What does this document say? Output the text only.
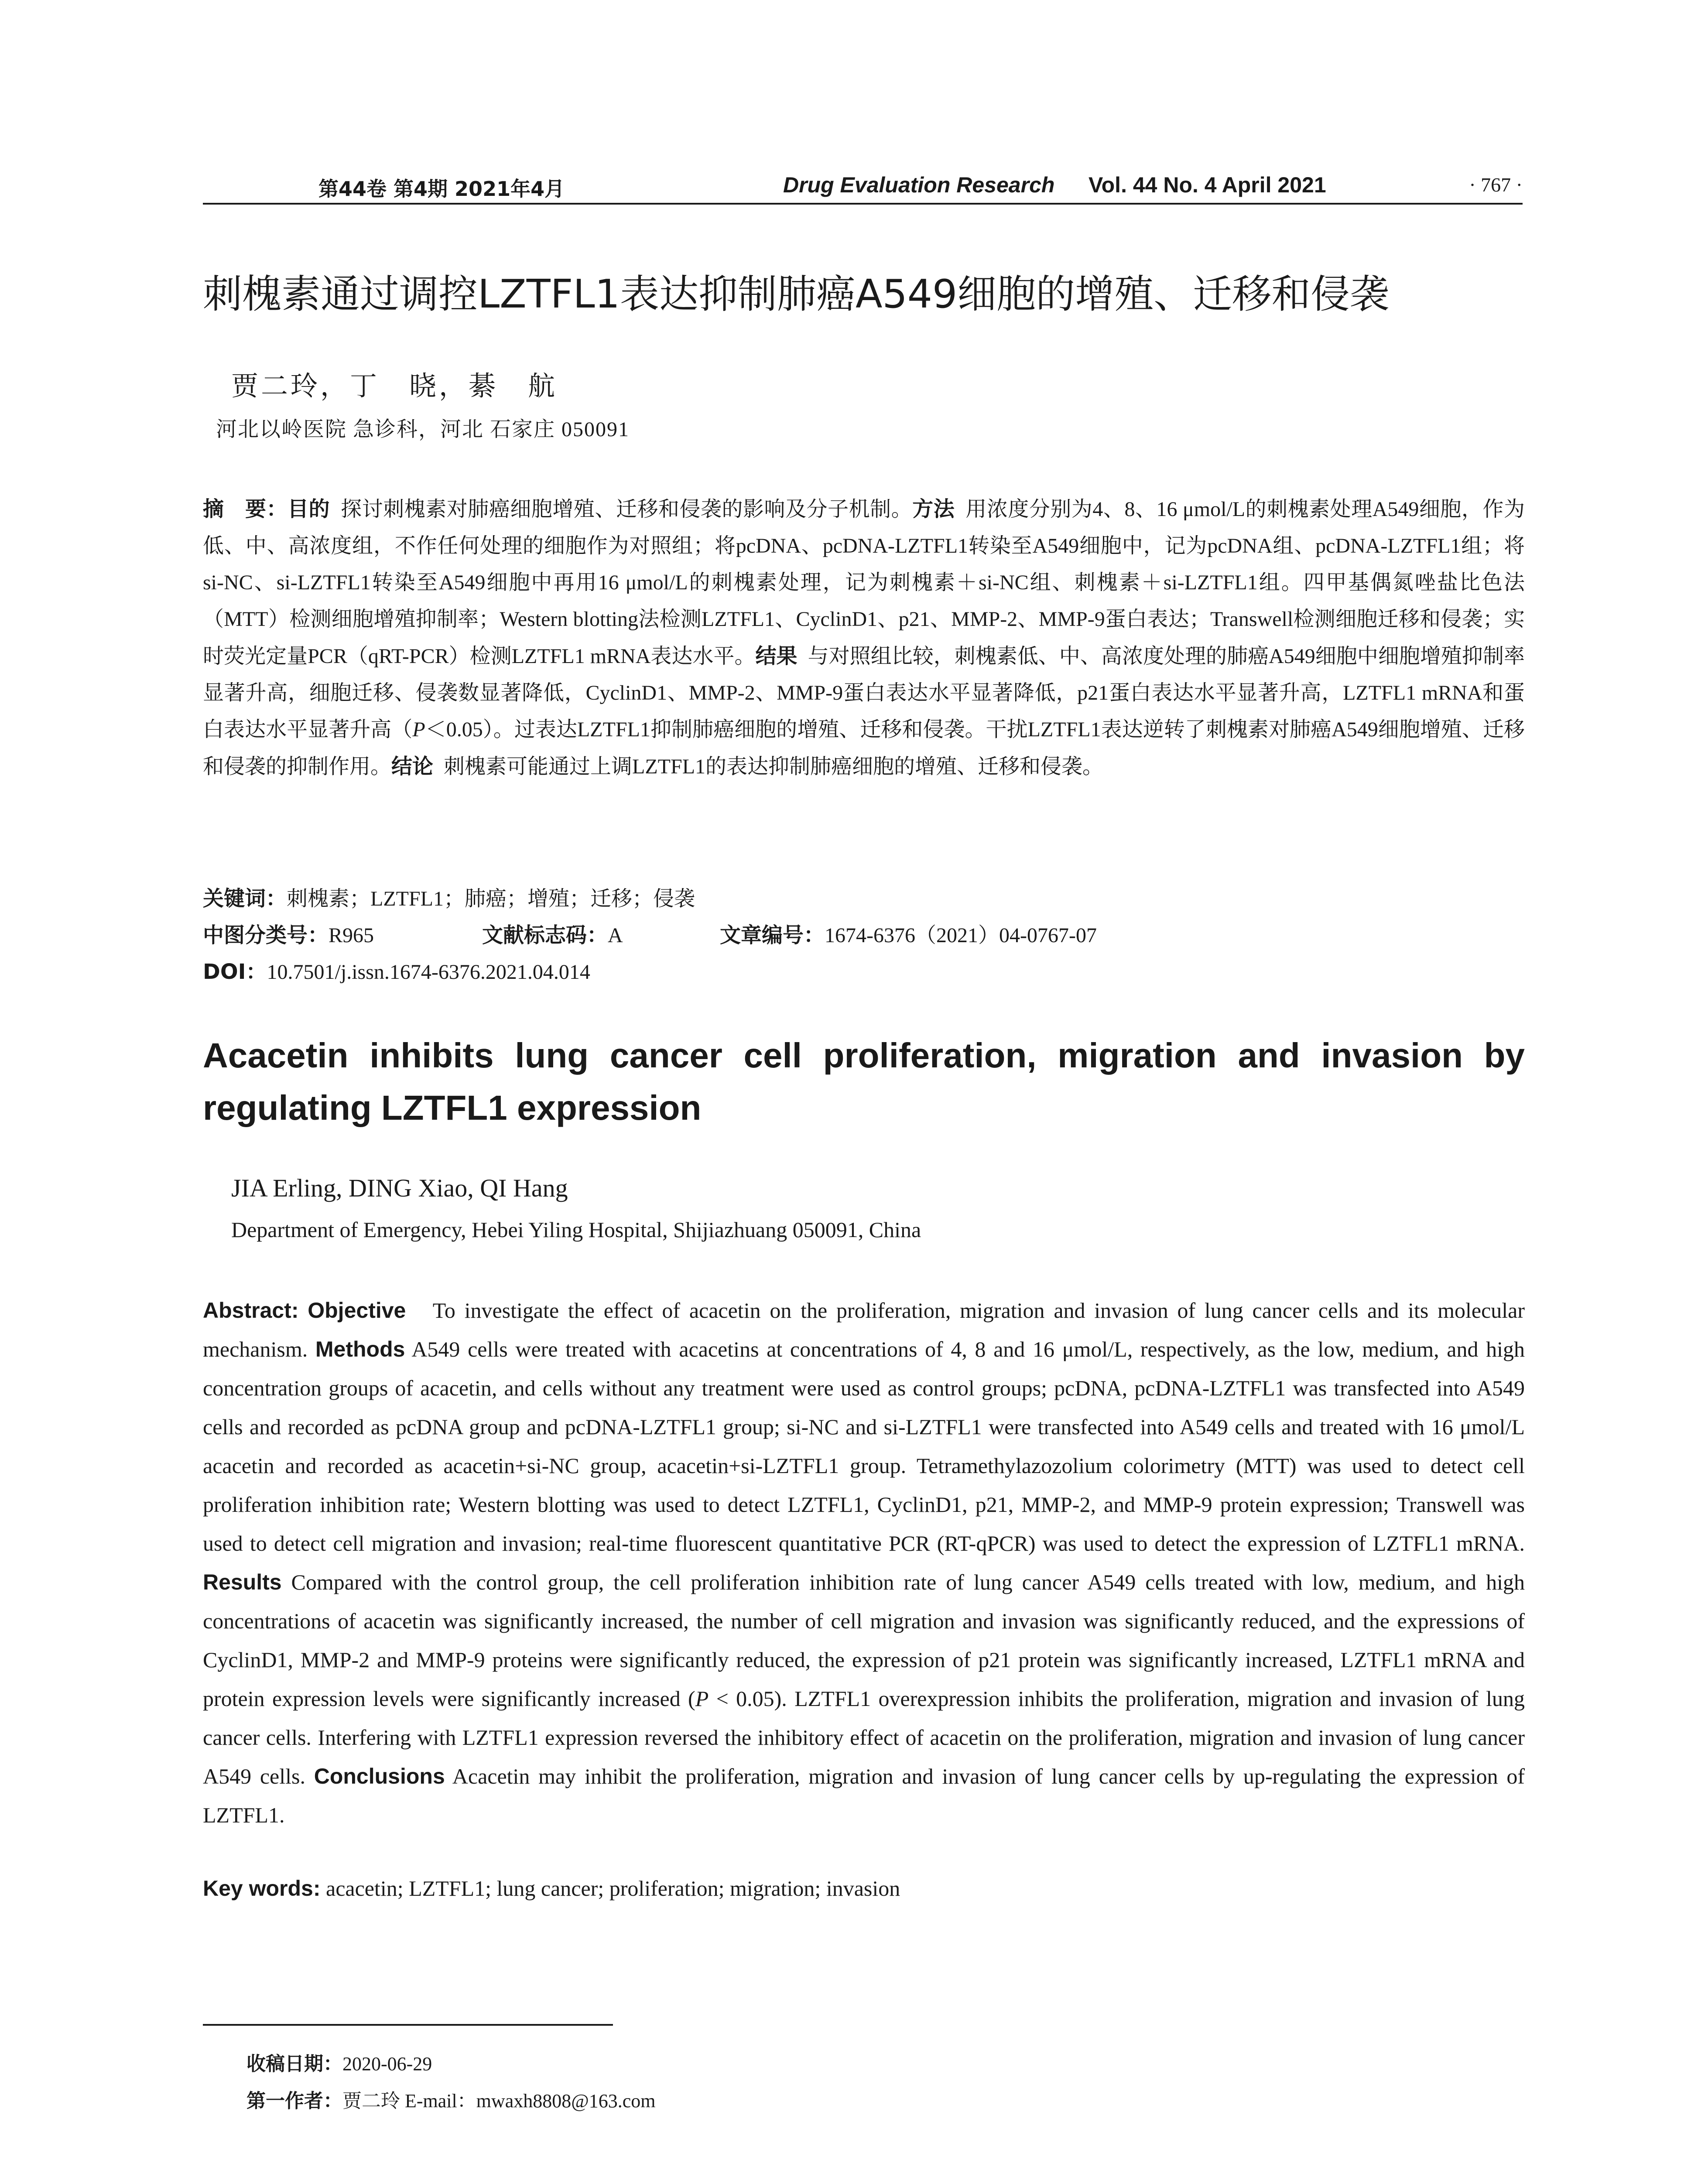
第44卷 第4期 2021年4月	Drug Evaluation Research Vol. 44 No. 4 April 2021	· 767 ·
刺槐素通过调控LZTFL1表达抑制肺癌A549细胞的增殖、迁移和侵袭
贾二玲，丁　晓，綦　航
河北以岭医院 急诊科，河北 石家庄 050091
摘　要：目的 探讨刺槐素对肺癌细胞增殖、迁移和侵袭的影响及分子机制。方法 用浓度分别为4、8、16 μmol/L的刺槐素处理A549细胞，作为低、中、高浓度组，不作任何处理的细胞作为对照组；将pcDNA、pcDNA-LZTFL1转染至A549细胞中，记为pcDNA组、pcDNA-LZTFL1组；将si-NC、si-LZTFL1转染至A549细胞中再用16 μmol/L的刺槐素处理，记为刺槐素＋si-NC组、刺槐素＋si-LZTFL1组。四甲基偶氮唑盐比色法（MTT）检测细胞增殖抑制率；Western blotting法检测LZTFL1、CyclinD1、p21、MMP-2、MMP-9蛋白表达；Transwell检测细胞迁移和侵袭；实时荧光定量PCR（qRT-PCR）检测LZTFL1 mRNA表达水平。结果 与对照组比较，刺槐素低、中、高浓度处理的肺癌A549细胞中细胞增殖抑制率显著升高，细胞迁移、侵袭数显著降低，CyclinD1、MMP-2、MMP-9蛋白表达水平显著降低，p21蛋白表达水平显著升高，LZTFL1 mRNA和蛋白表达水平显著升高（P＜0.05）。过表达LZTFL1抑制肺癌细胞的增殖、迁移和侵袭。干扰LZTFL1表达逆转了刺槐素对肺癌A549细胞增殖、迁移和侵袭的抑制作用。结论 刺槐素可能通过上调LZTFL1的表达抑制肺癌细胞的增殖、迁移和侵袭。
关键词：刺槐素；LZTFL1；肺癌；增殖；迁移；侵袭
中图分类号：R965	文献标志码：A	文章编号：1674-6376（2021）04-0767-07
DOI：10.7501/j.issn.1674-6376.2021.04.014
Acacetin inhibits lung cancer cell proliferation, migration and invasion by regulating LZTFL1 expression
JIA Erling, DING Xiao, QI Hang
Department of Emergency, Hebei Yiling Hospital, Shijiazhuang 050091, China
Abstract: Objective To investigate the effect of acacetin on the proliferation, migration and invasion of lung cancer cells and its molecular mechanism. Methods A549 cells were treated with acacetins at concentrations of 4, 8 and 16 μmol/L, respectively, as the low, medium, and high concentration groups of acacetin, and cells without any treatment were used as control groups; pcDNA, pcDNA-LZTFL1 was transfected into A549 cells and recorded as pcDNA group and pcDNA-LZTFL1 group; si-NC and si-LZTFL1 were transfected into A549 cells and treated with 16 μmol/L acacetin and recorded as acacetin+si-NC group, acacetin+si-LZTFL1 group. Tetramethylazozolium colorimetry (MTT) was used to detect cell proliferation inhibition rate; Western blotting was used to detect LZTFL1, CyclinD1, p21, MMP-2, and MMP-9 protein expression; Transwell was used to detect cell migration and invasion; real-time fluorescent quantitative PCR (RT-qPCR) was used to detect the expression of LZTFL1 mRNA. Results Compared with the control group, the cell proliferation inhibition rate of lung cancer A549 cells treated with low, medium, and high concentrations of acacetin was significantly increased, the number of cell migration and invasion was significantly reduced, and the expressions of CyclinD1, MMP-2 and MMP-9 proteins were significantly reduced, the expression of p21 protein was significantly increased, LZTFL1 mRNA and protein expression levels were significantly increased (P < 0.05). LZTFL1 overexpression inhibits the proliferation, migration and invasion of lung cancer cells. Interfering with LZTFL1 expression reversed the inhibitory effect of acacetin on the proliferation, migration and invasion of lung cancer A549 cells. Conclusions Acacetin may inhibit the proliferation, migration and invasion of lung cancer cells by up-regulating the expression of LZTFL1.
Key words: acacetin; LZTFL1; lung cancer; proliferation; migration; invasion
收稿日期：2020-06-29
第一作者：贾二玲 E-mail：mwaxh8808@163.com
